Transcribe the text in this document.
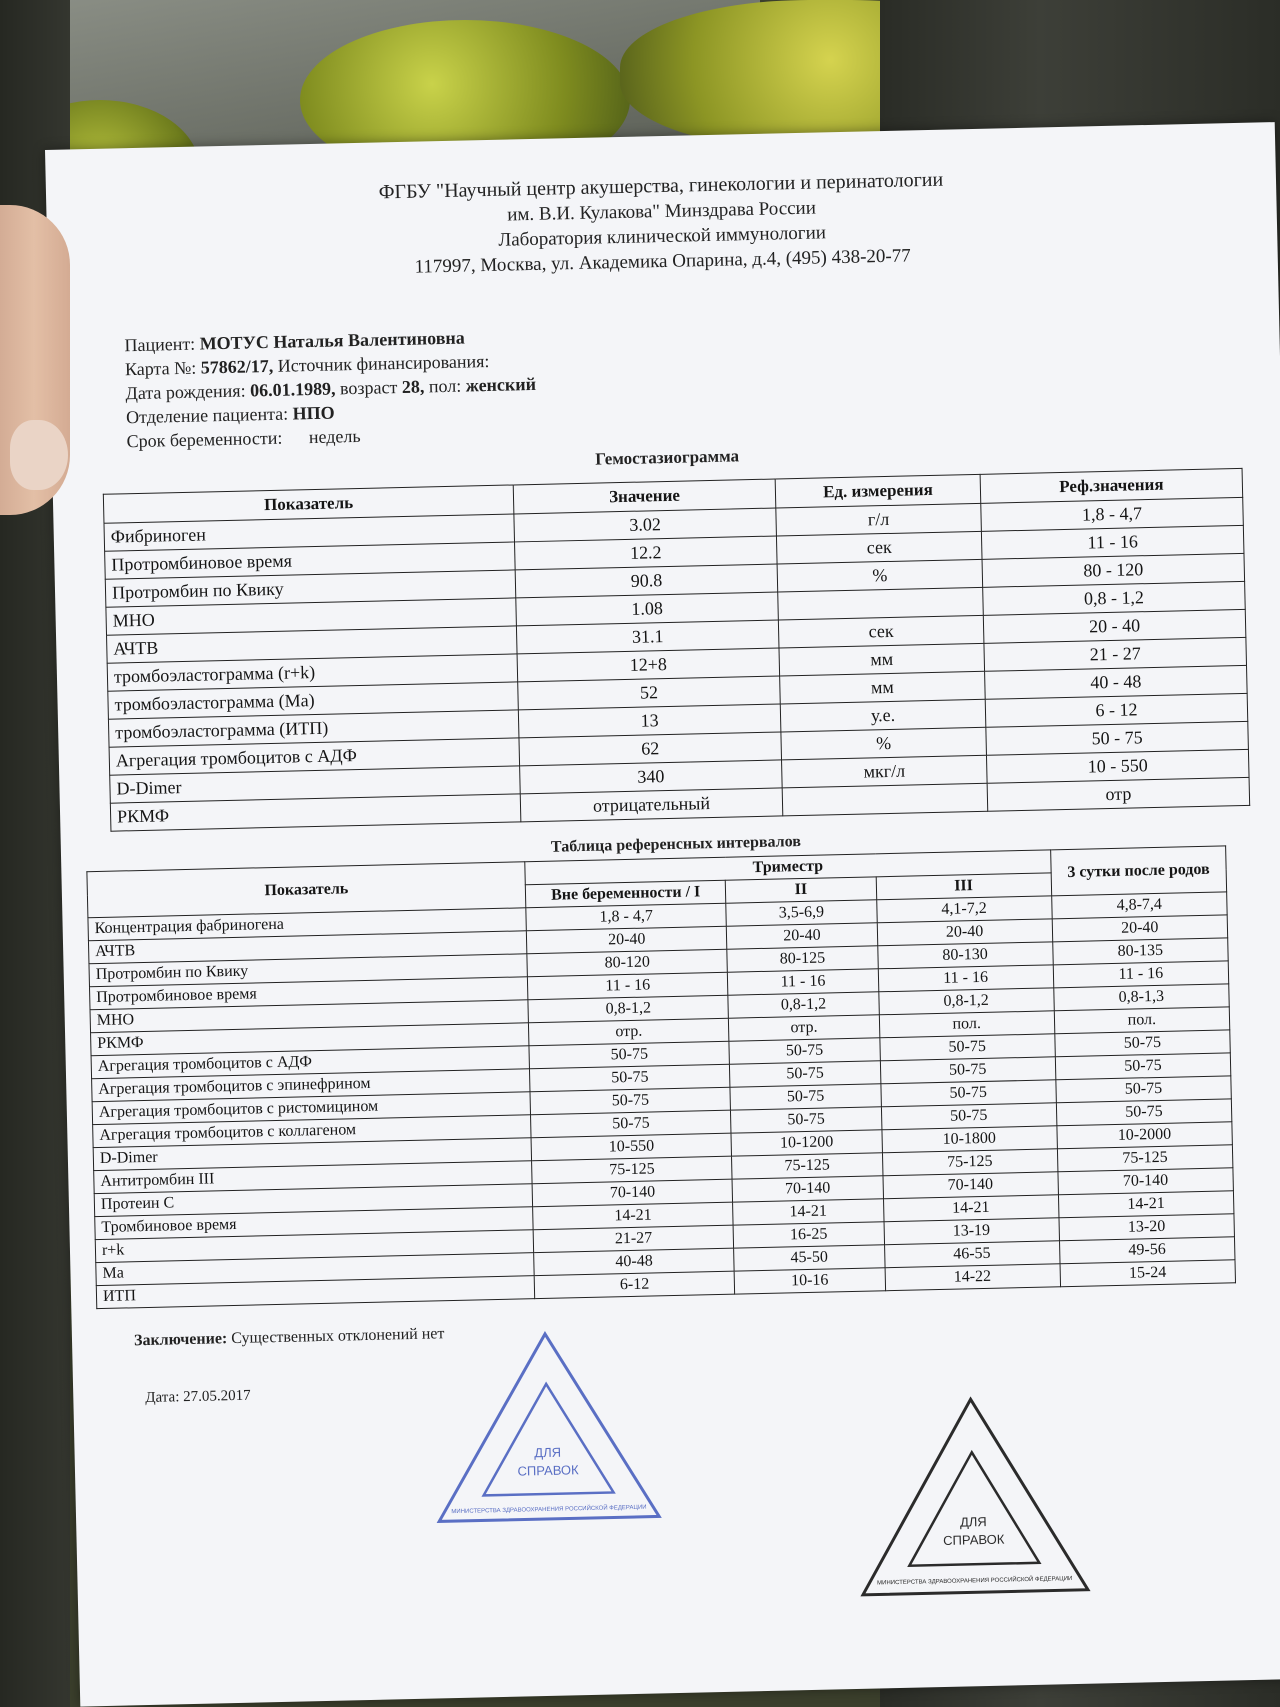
ФГБУ "Научный центр акушерства, гинекологии и перинатологии
им. В.И. Кулакова" Минздрава России
Лаборатория клинической иммунологии
117997, Москва, ул. Академика Опарина, д.4, (495) 438-20-77
Пациент: МОТУС Наталья Валентиновна
Карта №: 57862/17, Источник финансирования:
Дата рождения: 06.01.1989, возраст 28, пол: женский
Отделение пациента: НПО
Срок беременности: недель
Гемостазиограмма
Показатель	Значение	Ед. измерения	Реф.значения
Фибриноген	3.02	г/л	1,8 - 4,7
Протромбиновое время	12.2	сек	11 - 16
Протромбин по Квику	90.8	%	80 - 120
МНО	1.08		0,8 - 1,2
АЧТВ	31.1	сек	20 - 40
тромбоэластограмма (r+k)	12+8	мм	21 - 27
тромбоэластограмма (Ма)	52	мм	40 - 48
тромбоэластограмма (ИТП)	13	у.е.	6 - 12
Агрегация тромбоцитов с АДФ	62	%	50 - 75
D-Dimer	340	мкг/л	10 - 550
РКМФ	отрицательный		отр
Таблица референсных интервалов
Показатель	Триместр			3 сутки после родов
	Вне беременности / I	II	III	
Концентрация фабриногена	1,8 - 4,7	3,5-6,9	4,1-7,2	4,8-7,4
АЧТВ	20-40	20-40	20-40	20-40
Протромбин по Квику	80-120	80-125	80-130	80-135
Протромбиновое время	11 - 16	11 - 16	11 - 16	11 - 16
МНО	0,8-1,2	0,8-1,2	0,8-1,2	0,8-1,3
РКМФ	отр.	отр.	пол.	пол.
Агрегация тромбоцитов с АДФ	50-75	50-75	50-75	50-75
Агрегация тромбоцитов с эпинефрином	50-75	50-75	50-75	50-75
Агрегация тромбоцитов с ристомицином	50-75	50-75	50-75	50-75
Агрегация тромбоцитов с коллагеном	50-75	50-75	50-75	50-75
D-Dimer	10-550	10-1200	10-1800	10-2000
Антитромбин III	75-125	75-125	75-125	75-125
Протеин С	70-140	70-140	70-140	70-140
Тромбиновое время	14-21	14-21	14-21	14-21
r+k	21-27	16-25	13-19	13-20
Ма	40-48	45-50	46-55	49-56
ИТП	6-12	10-16	14-22	15-24
Заключение: Существенных отклонений нет
Дата: 27.05.2017
ДЛЯ
СПРАВОК
МИНИСТЕРСТВА ЗДРАВООХРАНЕНИЯ РОССИЙСКОЙ ФЕДЕРАЦИИ
ДЛЯ
СПРАВОК
МИНИСТЕРСТВА ЗДРАВООХРАНЕНИЯ РОССИЙСКОЙ ФЕДЕРАЦИИ
